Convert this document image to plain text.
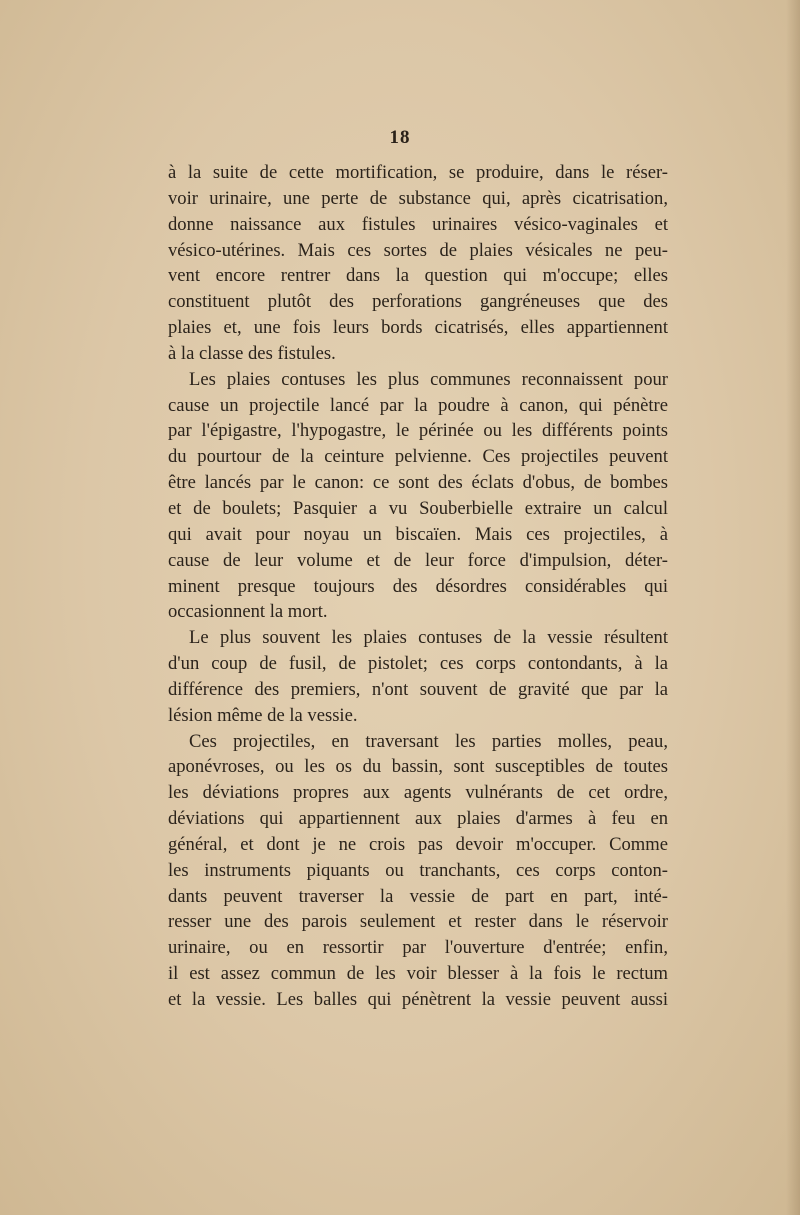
18

à la suite de cette mortification, se produire, dans le réser-
voir urinaire, une perte de substance qui, après cicatrisation,
donne naissance aux fistules urinaires vésico-vaginales et
vésico-utérines. Mais ces sortes de plaies vésicales ne peu-
vent encore rentrer dans la question qui m'occupe; elles
constituent plutôt des perforations gangréneuses que des
plaies et, une fois leurs bords cicatrisés, elles appartiennent
à la classe des fistules.

Les plaies contuses les plus communes reconnaissent pour
cause un projectile lancé par la poudre à canon, qui pénètre
par l'épigastre, l'hypogastre, le périnée ou les différents points
du pourtour de la ceinture pelvienne. Ces projectiles peuvent
être lancés par le canon: ce sont des éclats d'obus, de bombes
et de boulets; Pasquier a vu Souberbielle extraire un calcul
qui avait pour noyau un biscaïen. Mais ces projectiles, à
cause de leur volume et de leur force d'impulsion, déter-
minent presque toujours des désordres considérables qui
occasionnent la mort.

Le plus souvent les plaies contuses de la vessie résultent
d'un coup de fusil, de pistolet; ces corps contondants, à la
différence des premiers, n'ont souvent de gravité que par la
lésion même de la vessie.

Ces projectiles, en traversant les parties molles, peau,
aponévroses, ou les os du bassin, sont susceptibles de toutes
les déviations propres aux agents vulnérants de cet ordre,
déviations qui appartiennent aux plaies d'armes à feu en
général, et dont je ne crois pas devoir m'occuper. Comme
les instruments piquants ou tranchants, ces corps conton-
dants peuvent traverser la vessie de part en part, inté-
resser une des parois seulement et rester dans le réservoir
urinaire, ou en ressortir par l'ouverture d'entrée; enfin,
il est assez commun de les voir blesser à la fois le rectum
et la vessie. Les balles qui pénètrent la vessie peuvent aussi
